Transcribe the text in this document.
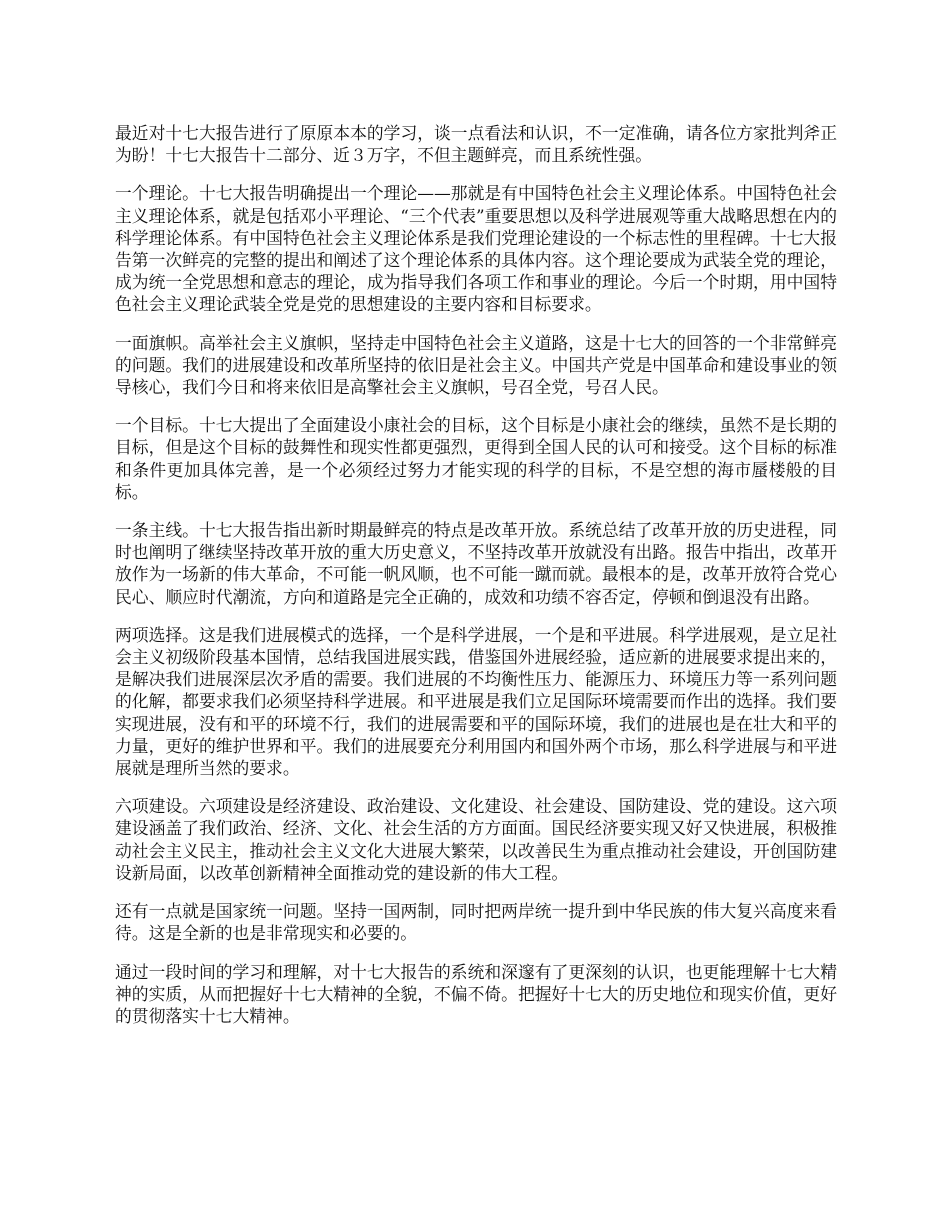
最近对十七大报告进行了原原本本的学习，谈一点看法和认识，不一定准确，请各位方家批判斧正为盼！十七大报告十二部分、近３万字，不但主题鲜亮，而且系统性强。

一个理论。十七大报告明确提出一个理论——那就是有中国特色社会主义理论体系。中国特色社会主义理论体系，就是包括邓小平理论、“三个代表”重要思想以及科学进展观等重大战略思想在内的科学理论体系。有中国特色社会主义理论体系是我们党理论建设的一个标志性的里程碑。十七大报告第一次鲜亮的完整的提出和阐述了这个理论体系的具体内容。这个理论要成为武装全党的理论，成为统一全党思想和意志的理论，成为指导我们各项工作和事业的理论。今后一个时期，用中国特色社会主义理论武装全党是党的思想建设的主要内容和目标要求。

一面旗帜。高举社会主义旗帜，坚持走中国特色社会主义道路，这是十七大的回答的一个非常鲜亮的问题。我们的进展建设和改革所坚持的依旧是社会主义。中国共产党是中国革命和建设事业的领导核心，我们今日和将来依旧是高擎社会主义旗帜，号召全党，号召人民。

一个目标。十七大提出了全面建设小康社会的目标，这个目标是小康社会的继续，虽然不是长期的目标，但是这个目标的鼓舞性和现实性都更强烈，更得到全国人民的认可和接受。这个目标的标准和条件更加具体完善，是一个必须经过努力才能实现的科学的目标，不是空想的海市蜃楼般的目标。

一条主线。十七大报告指出新时期最鲜亮的特点是改革开放。系统总结了改革开放的历史进程，同时也阐明了继续坚持改革开放的重大历史意义，不坚持改革开放就没有出路。报告中指出，改革开放作为一场新的伟大革命，不可能一帆风顺，也不可能一蹴而就。最根本的是，改革开放符合党心民心、顺应时代潮流，方向和道路是完全正确的，成效和功绩不容否定，停顿和倒退没有出路。

两项选择。这是我们进展模式的选择，一个是科学进展，一个是和平进展。科学进展观，是立足社会主义初级阶段基本国情，总结我国进展实践，借鉴国外进展经验，适应新的进展要求提出来的，是解决我们进展深层次矛盾的需要。我们进展的不均衡性压力、能源压力、环境压力等一系列问题的化解，都要求我们必须坚持科学进展。和平进展是我们立足国际环境需要而作出的选择。我们要实现进展，没有和平的环境不行，我们的进展需要和平的国际环境，我们的进展也是在壮大和平的力量，更好的维护世界和平。我们的进展要充分利用国内和国外两个市场，那么科学进展与和平进展就是理所当然的要求。

六项建设。六项建设是经济建设、政治建设、文化建设、社会建设、国防建设、党的建设。这六项建设涵盖了我们政治、经济、文化、社会生活的方方面面。国民经济要实现又好又快进展，积极推动社会主义民主，推动社会主义文化大进展大繁荣，以改善民生为重点推动社会建设，开创国防建设新局面，以改革创新精神全面推动党的建设新的伟大工程。

还有一点就是国家统一问题。坚持一国两制，同时把两岸统一提升到中华民族的伟大复兴高度来看待。这是全新的也是非常现实和必要的。

通过一段时间的学习和理解，对十七大报告的系统和深邃有了更深刻的认识，也更能理解十七大精神的实质，从而把握好十七大精神的全貌，不偏不倚。把握好十七大的历史地位和现实价值，更好的贯彻落实十七大精神。
